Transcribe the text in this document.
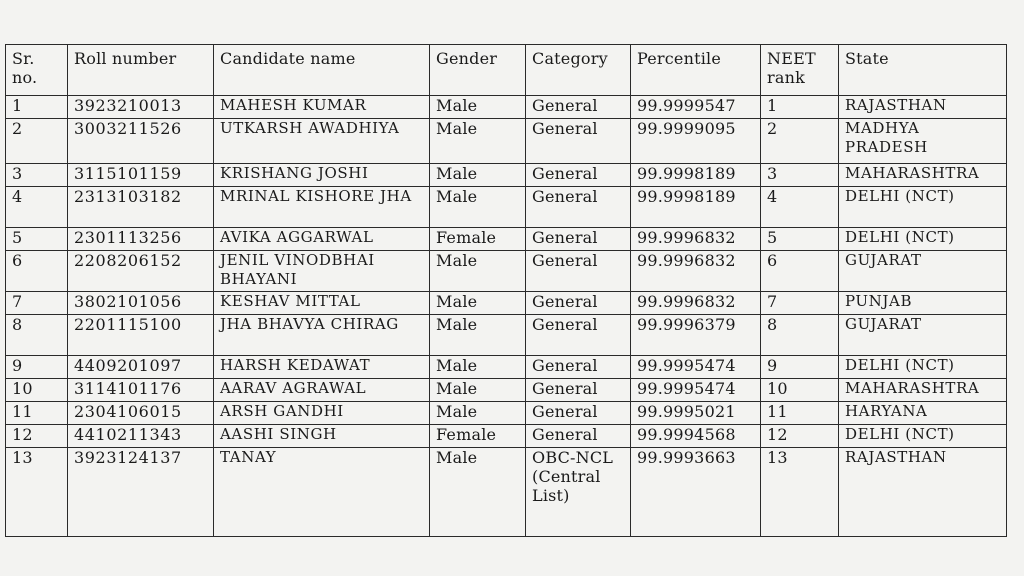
Sr. no.	Roll number	Candidate name	Gender	Category	Percentile	NEET rank	State
1	3923210013	MAHESH KUMAR	Male	General	99.9999547	1	RAJASTHAN
2	3003211526	UTKARSH AWADHIYA	Male	General	99.9999095	2	MADHYA PRADESH
3	3115101159	KRISHANG JOSHI	Male	General	99.9998189	3	MAHARASHTRA
4	2313103182	MRINAL KISHORE JHA	Male	General	99.9998189	4	DELHI (NCT)
5	2301113256	AVIKA AGGARWAL	Female	General	99.9996832	5	DELHI (NCT)
6	2208206152	JENIL VINODBHAI BHAYANI	Male	General	99.9996832	6	GUJARAT
7	3802101056	KESHAV MITTAL	Male	General	99.9996832	7	PUNJAB
8	2201115100	JHA BHAVYA CHIRAG	Male	General	99.9996379	8	GUJARAT
9	4409201097	HARSH KEDAWAT	Male	General	99.9995474	9	DELHI (NCT)
10	3114101176	AARAV AGRAWAL	Male	General	99.9995474	10	MAHARASHTRA
11	2304106015	ARSH GANDHI	Male	General	99.9995021	11	HARYANA
12	4410211343	AASHI SINGH	Female	General	99.9994568	12	DELHI (NCT)
13	3923124137	TANAY	Male	OBC-NCL (Central List)	99.9993663	13	RAJASTHAN
